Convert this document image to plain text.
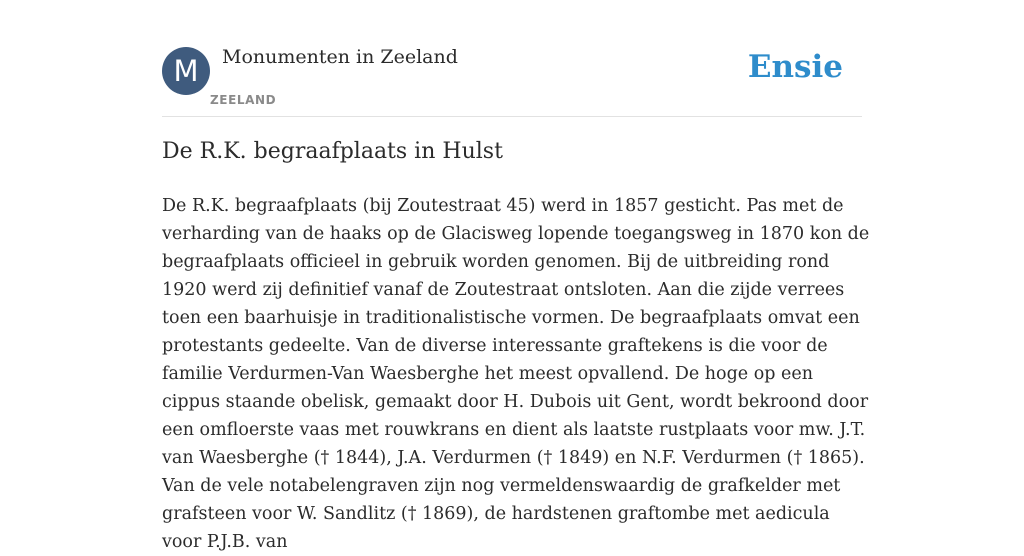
M	Monumenten in Zeeland
ZEELAND
Ensie
De R.K. begraafplaats in Hulst

De R.K. begraafplaats (bij Zoutestraat 45) werd in 1857 gesticht. Pas met de verharding van de haaks op de Glacisweg lopende toegangsweg in 1870 kon de begraafplaats officieel in gebruik worden genomen. Bij de uitbreiding rond 1920 werd zij definitief vanaf de Zoutestraat ontsloten. Aan die zijde verrees toen een baarhuisje in traditionalistische vormen. De begraafplaats omvat een protestants gedeelte. Van de diverse interessante graftekens is die voor de familie Verdurmen-Van Waesberghe het meest opvallend. De hoge op een cippus staande obelisk, gemaakt door H. Dubois uit Gent, wordt bekroond door een omfloerste vaas met rouwkrans en dient als laatste rustplaats voor mw. J.T. van Waesberghe († 1844), J.A. Verdurmen († 1849) en N.F. Verdurmen († 1865). Van de vele notabelengraven zijn nog vermeldenswaardig de grafkelder met grafsteen voor W. Sandlitz († 1869), de hardstenen graftombe met aedicula voor P.J.B. van
